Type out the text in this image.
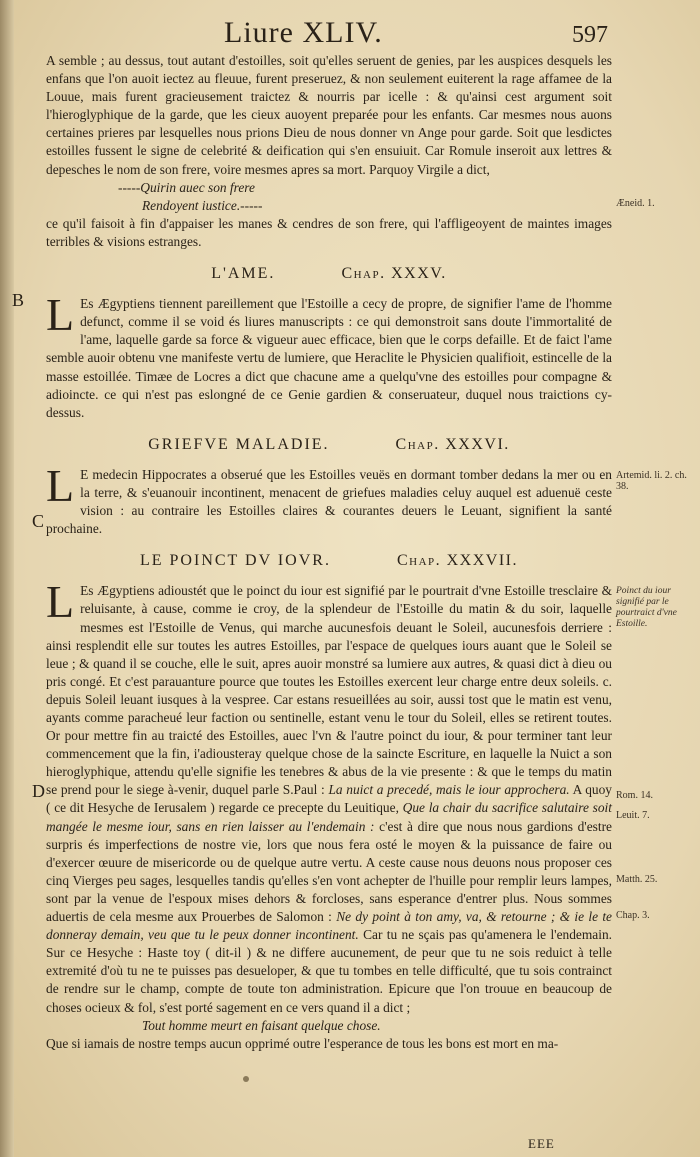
Liure XLIV.	597
Æneid. 1.
Artemid. li. 2. ch. 38.
Poinct du iour signifié par le pourtraict d'vne Estoille.
Rom. 14.
Leuit. 7.
Matth. 25.
Chap. 3.

A semble ; au dessus, tout autant d'estoilles, soit qu'elles seruent de genies, par les auspices desquels les enfans que l'on auoit iectez au fleuue, furent preseruez, & non seulement euiterent la rage affamee de la Louue, mais furent gracieusement traictez & nourris par icelle : & qu'ainsi cest argument soit l'hieroglyphique de la garde, que les cieux auoyent preparée pour les enfants. Car mesmes nous auons certaines prieres par lesquelles nous prions Dieu de nous donner vn Ange pour garde. Soit que lesdictes estoilles fussent le signe de celebrité & deification qui s'en ensuiuit. Car Romule inseroit aux lettres & depesches le nom de son frere, voire mesmes apres sa mort. Parquoy Virgile a dict,

-----Quirin auec son frere

Rendoyent iustice.-----

ce qu'il faisoit à fin d'appaiser les manes & cendres de son frere, qui l'affligeoyent de maintes images terribles & visions estranges.

L'AME.	Chap. XXXV.
B L Es Ægyptiens tiennent pareillement que l'Estoille a cecy de propre, de signifier l'ame de l'homme defunct, comme il se void és liures manuscripts : ce qui demonstroit sans doute l'immortalité de l'ame, laquelle garde sa force & vigueur auec efficace, bien que le corps defaille. Et de faict l'ame semble auoir obtenu vne manifeste vertu de lumiere, que Heraclite le Physicien qualifioit, estincelle de la masse estoillée. Timæe de Locres a dict que chacune ame a quelqu'vne des estoilles pour compagne & adioincte. ce qui n'est pas eslongné de ce Genie gardien & conseruateur, duquel nous traictions cy-dessus.
GRIEFVE MALADIE.	Chap. XXXVI.
C
L E medecin Hippocrates a obserué que les Estoilles veuës en dormant tomber dedans la mer ou en la terre, & s'euanouir incontinent, menacent de griefues maladies celuy auquel est aduenuë ceste vision : au contraire les Estoilles claires & courantes deuers le Leuant, signifient la santé prochaine.
LE POINCT DV IOVR.	Chap. XXXVII.
D
L Es Ægyptiens adioustét que le poinct du iour est signifié par le pourtrait d'vne Estoille tresclaire & reluisante, à cause, comme ie croy, de la splendeur de l'Estoille du matin & du soir, laquelle mesmes est l'Estoille de Venus, qui marche aucunesfois deuant le Soleil, aucunesfois derriere : ainsi resplendit elle sur toutes les autres Estoilles, par l'espace de quelques iours auant que le Soleil se leue ; & quand il se couche, elle le suit, apres auoir monstré sa lumiere aux autres, & quasi dict à dieu ou pris congé. Et c'est parauanture pource que toutes les Estoilles exercent leur charge entre deux soleils. c. depuis Soleil leuant iusques à la vespree. Car estans resueillées au soir, aussi tost que le matin est venu, ayants comme paracheué leur faction ou sentinelle, estant venu le tour du Soleil, elles se retirent toutes. Or pour mettre fin au traicté des Estoilles, auec l'vn & l'autre poinct du iour, & pour terminer tant leur commencement que la fin, i'adiousteray quelque chose de la saincte Escriture, en laquelle la Nuict a son hieroglyphique, attendu qu'elle signifie les tenebres & abus de la vie presente : & que le temps du matin se prend pour le siege à-venir, duquel parle S.Paul : La nuict a precedé, mais le iour approchera. A quoy ( ce dit Hesyche de Ierusalem ) regarde ce precepte du Leuitique, Que la chair du sacrifice salutaire soit mangée le mesme iour, sans en rien laisser au l'endemain : c'est à dire que nous nous gardions d'estre surpris és imperfections de nostre vie, lors que nous fera osté le moyen & la puissance de faire ou d'exercer œuure de misericorde ou de quelque autre vertu. A ceste cause nous deuons nous proposer ces cinq Vierges peu sages, lesquelles tandis qu'elles s'en vont achepter de l'huille pour remplir leurs lampes, sont par la venue de l'espoux mises dehors & forcloses, sans esperance d'entrer plus. Nous sommes aduertis de cela mesme aux Prouerbes de Salomon : Ne dy point à ton amy, va, & retourne ; & ie le te donneray demain, veu que tu le peux donner incontinent. Car tu ne sçais pas qu'amenera le l'endemain. Sur ce Hesyche : Haste toy ( dit-il ) & ne differe aucunement, de peur que tu ne sois reduict à telle extremité d'où tu ne te puisses pas desueloper, & que tu tombes en telle difficulté, que tu sois contrainct de rendre sur le champ, compte de toute ton administration. Epicure que l'on trouue en beaucoup de choses ocieux & fol, s'est porté sagement en ce vers quand il a dict ;

Tout homme meurt en faisant quelque chose.

Que si iamais de nostre temps aucun opprimé outre l'esperance de tous les bons est mort en ma-

EEE
